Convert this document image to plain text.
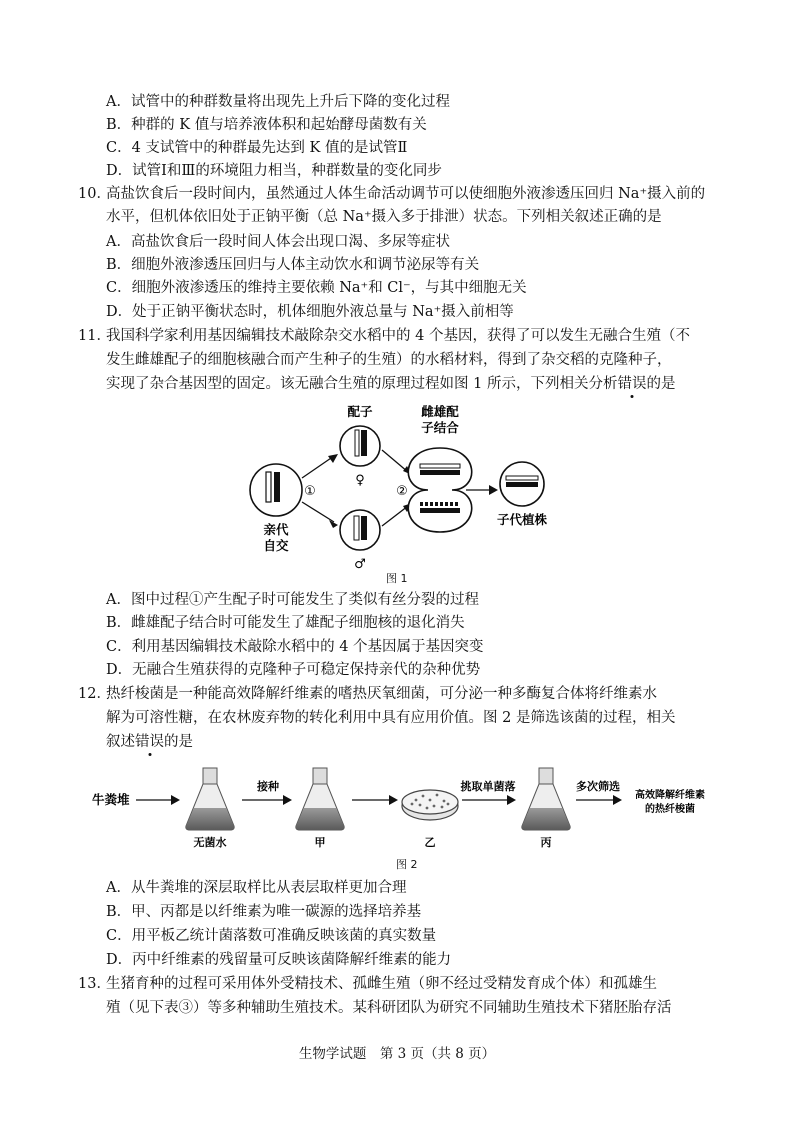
A．试管中的种群数量将出现先上升后下降的变化过程
B．种群的 K 值与培养液体积和起始酵母菌数有关
C．4 支试管中的种群最先达到 K 值的是试管Ⅱ
D．试管Ⅰ和Ⅲ的环境阻力相当，种群数量的变化同步
10．
高盐饮食后一段时间内，虽然通过人体生命活动调节可以使细胞外液渗透压回归 Na⁺摄入前的
水平，但机体依旧处于正钠平衡（总 Na⁺摄入多于排泄）状态。下列相关叙述正确的是
A．高盐饮食后一段时间人体会出现口渴、多尿等症状
B．细胞外液渗透压回归与人体主动饮水和调节泌尿等有关
C．细胞外液渗透压的维持主要依赖 Na⁺和 Cl⁻，与其中细胞无关
D．处于正钠平衡状态时，机体细胞外液总量与 Na⁺摄入前相等
11．
我国科学家利用基因编辑技术敲除杂交水稻中的 4 个基因，获得了可以发生无融合生殖（不
发生雌雄配子的细胞核融合而产生种子的生殖）的水稻材料，得到了杂交稻的克隆种子，
实现了杂合基因型的固定。该无融合生殖的原理过程如图 1 所示，下列相关分析错误的是
配子	雌雄配
子结合
亲代
自交
子代植株
①	②
♀
♂
图 1
A．图中过程①产生配子时可能发生了类似有丝分裂的过程
B．雌雄配子结合时可能发生了雄配子细胞核的退化消失
C．利用基因编辑技术敲除水稻中的 4 个基因属于基因突变
D．无融合生殖获得的克隆种子可稳定保持亲代的杂种优势
12．
热纤梭菌是一种能高效降解纤维素的嗜热厌氧细菌，可分泌一种多酶复合体将纤维素水
解为可溶性糖，在农林废弃物的转化利用中具有应用价值。图 2 是筛选该菌的过程，相关
叙述错误的是
牛粪堆
无菌水
接种
甲	乙
挑取单菌落
丙
多次筛选
高效降解纤维素
的热纤梭菌
图 2
A．从牛粪堆的深层取样比从表层取样更加合理
B．甲、丙都是以纤维素为唯一碳源的选择培养基
C．用平板乙统计菌落数可准确反映该菌的真实数量
D．丙中纤维素的残留量可反映该菌降解纤维素的能力
13．
生猪育种的过程可采用体外受精技术、孤雌生殖（卵不经过受精发育成个体）和孤雄生
殖（见下表③）等多种辅助生殖技术。某科研团队为研究不同辅助生殖技术下猪胚胎存活
生物学试题　第 3 页（共 8 页）
